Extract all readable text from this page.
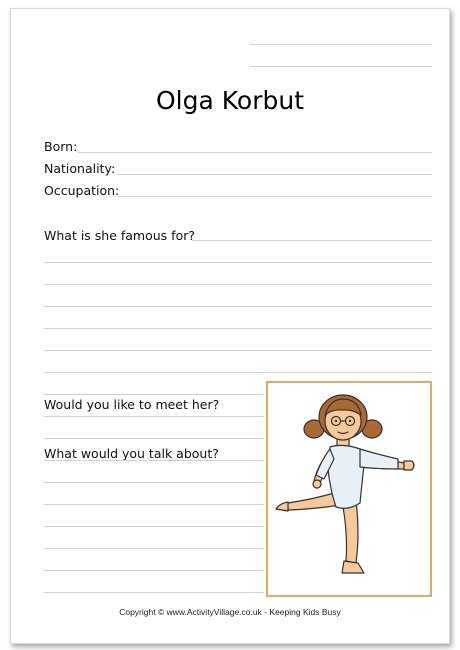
Olga Korbut
Born:
Nationality:
Occupation:
What is she famous for?
Would you like to meet her?
What would you talk about?
Copyright © www.ActivityVillage.co.uk - Keeping Kids Busy
